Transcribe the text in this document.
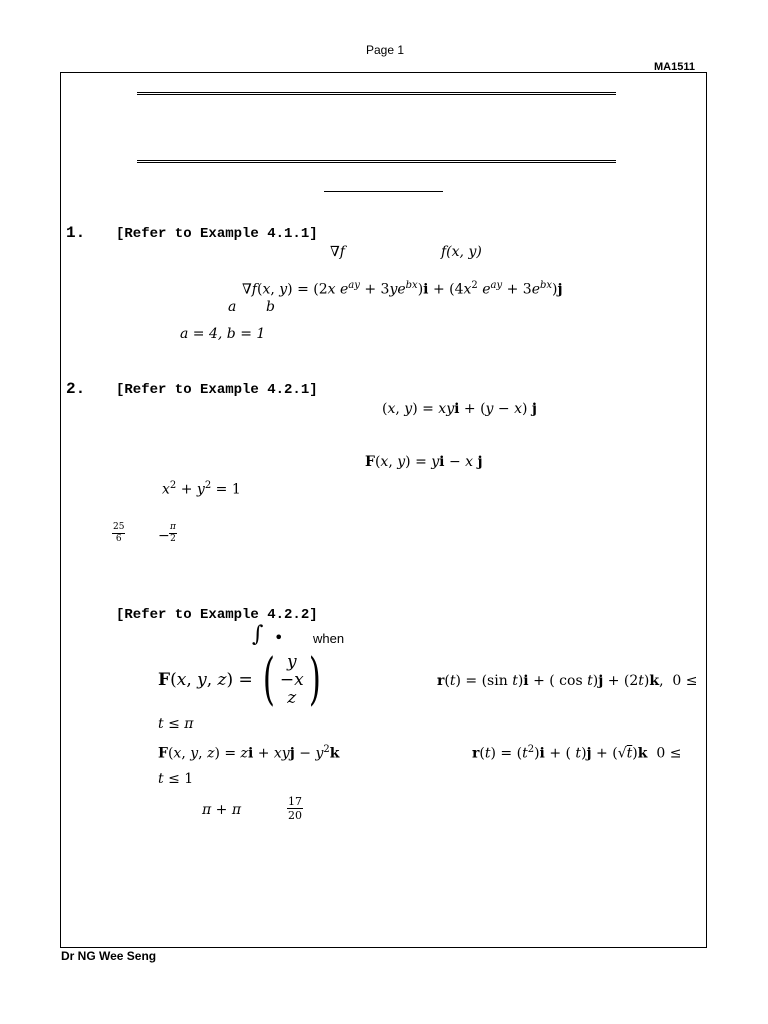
Page 1
MA1511
1. [Refer to Example 4.1.1]
∇f	f(x, y)
∇f(x, y) = (2x $e^{ay} + 3ye^{bx})i + (4x^2$ $e^{ay} + 3e^{bx})j$
a b
a = 4, b = 1
2. [Refer to Example 4.2.1]
(x, y) = xyi + (y − x) j
F(x, y) = yi − x j
$x^2 + y^2 = 1$
$\frac{25}{6} - \frac{\pi}{2}$
[Refer to Example 4.2.2]
∫ • when
F(x, y, z) = ( y
−x
z )	r(t) = (sin t)i + ( cos t)j + (2t)k,  0 ≤
t ≤ π
F(x, y, z) = zi + xyj − $y^2k$	$r(t) = (t^2)i$ + ( t)j + (√t)k  0 ≤
t ≤ 1
π + π	$\frac{17}{20}$
Dr NG Wee Seng
